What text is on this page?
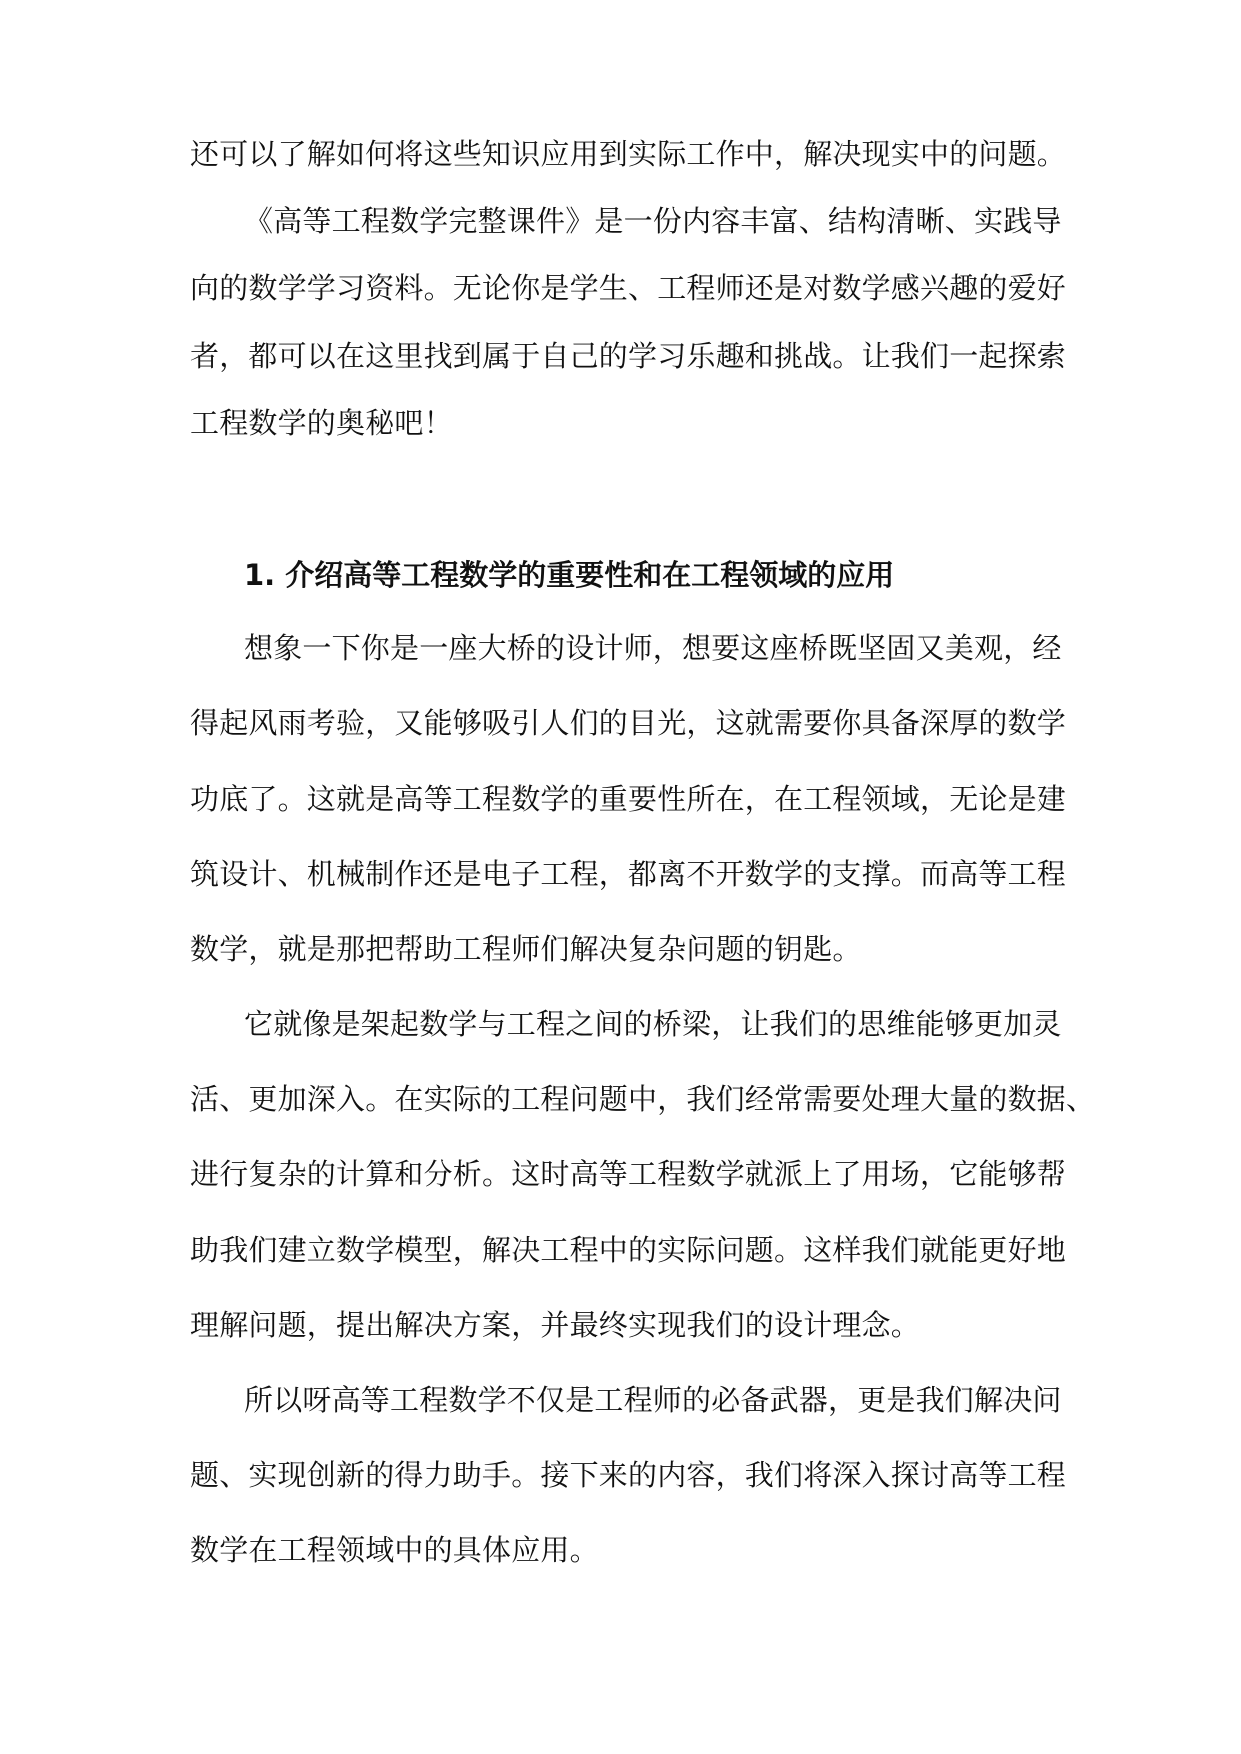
还可以了解如何将这些知识应用到实际工作中，解决现实中的问题。
《高等工程数学完整课件》是一份内容丰富、结构清晰、实践导
向的数学学习资料。无论你是学生、工程师还是对数学感兴趣的爱好
者，都可以在这里找到属于自己的学习乐趣和挑战。让我们一起探索
工程数学的奥秘吧！
1. 介绍高等工程数学的重要性和在工程领域的应用
想象一下你是一座大桥的设计师，想要这座桥既坚固又美观，经
得起风雨考验，又能够吸引人们的目光，这就需要你具备深厚的数学
功底了。这就是高等工程数学的重要性所在，在工程领域，无论是建
筑设计、机械制作还是电子工程，都离不开数学的支撑。而高等工程
数学，就是那把帮助工程师们解决复杂问题的钥匙。
它就像是架起数学与工程之间的桥梁，让我们的思维能够更加灵
活、更加深入。在实际的工程问题中，我们经常需要处理大量的数据、
进行复杂的计算和分析。这时高等工程数学就派上了用场，它能够帮
助我们建立数学模型，解决工程中的实际问题。这样我们就能更好地
理解问题，提出解决方案，并最终实现我们的设计理念。
所以呀高等工程数学不仅是工程师的必备武器，更是我们解决问
题、实现创新的得力助手。接下来的内容，我们将深入探讨高等工程
数学在工程领域中的具体应用。
